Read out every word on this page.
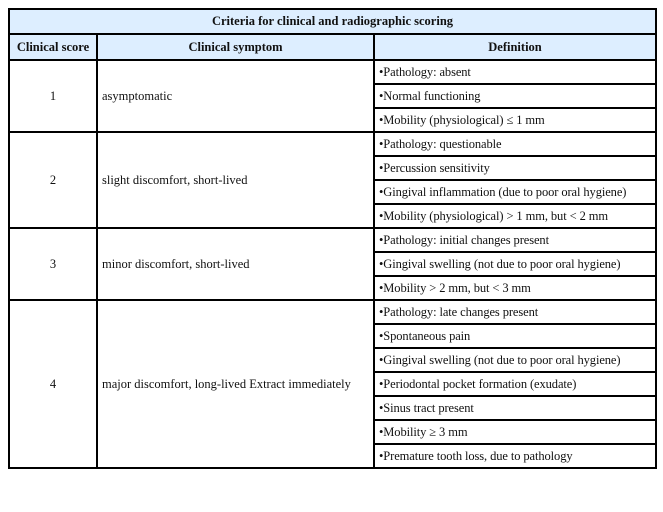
Criteria for clinical and radiographic scoring		
Clinical score	Clinical symptom	Definition
1	asymptomatic	•Pathology: absent
		•Normal functioning
		•Mobility (physiological) ≤ 1 mm
2	slight discomfort, short-lived	•Pathology: questionable
		•Percussion sensitivity
		•Gingival inflammation (due to poor oral hygiene)
		•Mobility (physiological) > 1 mm, but < 2 mm
3	minor discomfort, short-lived	•Pathology: initial changes present
		•Gingival swelling (not due to poor oral hygiene)
		•Mobility > 2 mm, but < 3 mm
4	major discomfort, long-lived Extract immediately	•Pathology: late changes present
		•Spontaneous pain
		•Gingival swelling (not due to poor oral hygiene)
		•Periodontal pocket formation (exudate)
		•Sinus tract present
		•Mobility ≥ 3 mm
		•Premature tooth loss, due to pathology
